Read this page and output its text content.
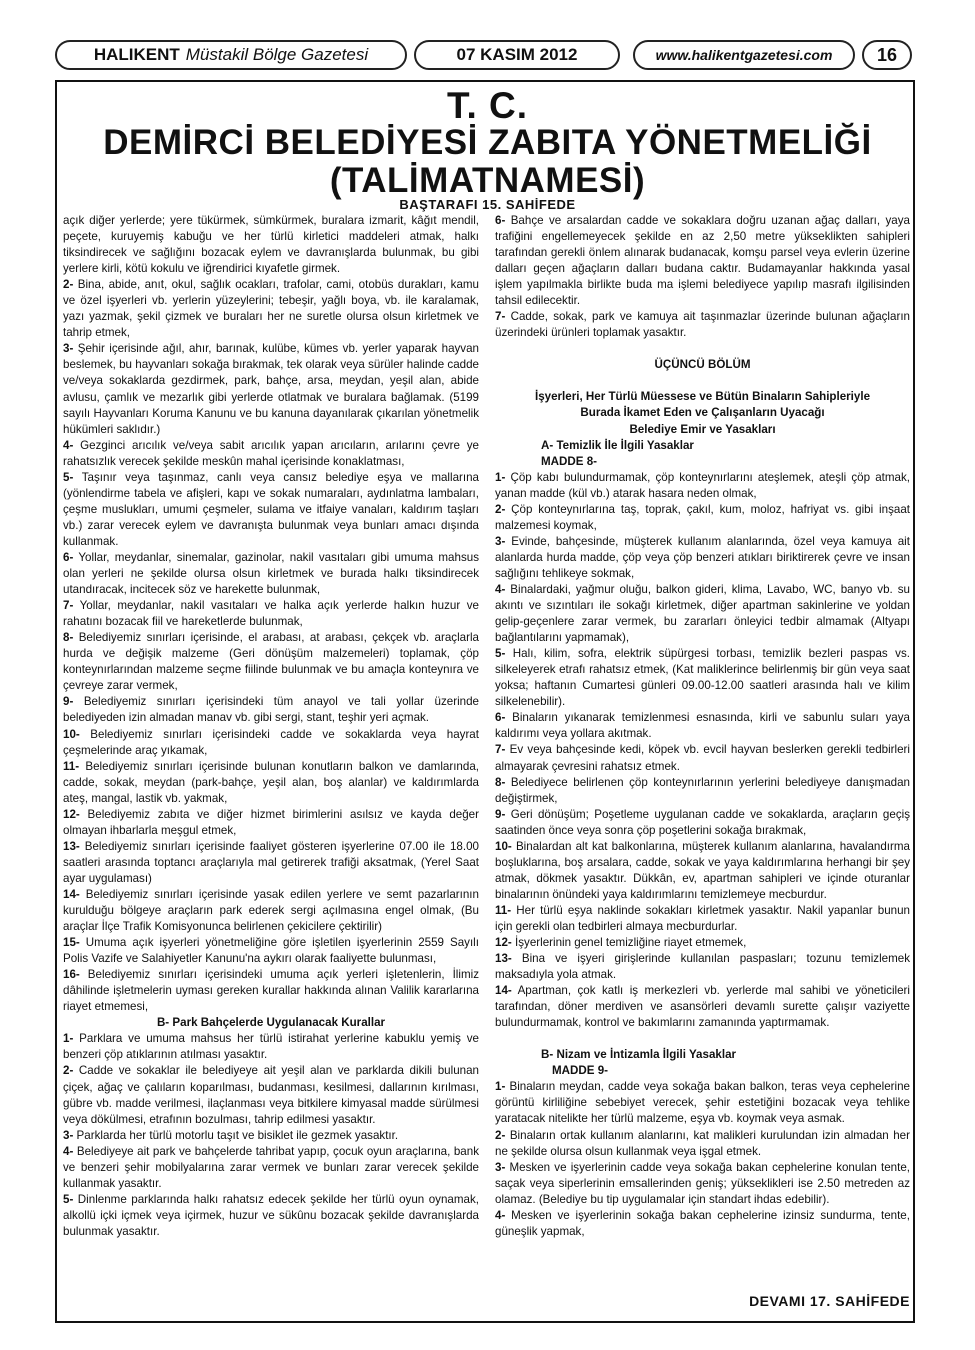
HALIKENT Müstakil Bölge Gazetesi	07 KASIM 2012	www.halikentgazetesi.com	16
T. C.
DEMİRCİ BELEDİYESİ ZABITA YÖNETMELİĞİ
(TALİMATNAMESİ)
BAŞTARAFI 15. SAHİFEDE

açık diğer yerlerde; yere tükürmek, sümkürmek, buralara izmarit, kâğıt mendil, peçete, kuruyemiş kabuğu ve her türlü kirletici maddeleri atmak, halkı tiksindirecek ve sağlığını bozacak eylem ve davranışlarda bulunmak, bu gibi yerlere kirli, kötü kokulu ve iğrendirici kıyafetle girmek.

2- Bina, abide, anıt, okul, sağlık ocakları, trafolar, cami, otobüs durakları, kamu ve özel işyerleri vb. yerlerin yüzeylerini; tebeşir, yağlı boya, vb. ile karalamak, yazı yazmak, şekil çizmek ve buraları her ne suretle olursa olsun kirletmek ve tahrip etmek,

3- Şehir içerisinde ağıl, ahır, barınak, kulübe, kümes vb. yerler yaparak hayvan beslemek, bu hayvanları sokağa bırakmak, tek olarak veya sürüler halinde cadde ve/veya sokaklarda gezdirmek, park, bahçe, arsa, meydan, yeşil alan, abide avlusu, çamlık ve mezarlık gibi yerlerde otlatmak ve buralara bağlamak. (5199 sayılı Hayvanları Koruma Kanunu ve bu kanuna dayanılarak çıkarılan yönetmelik hükümleri saklıdır.)

4- Gezginci arıcılık ve/veya sabit arıcılık yapan arıcıların, arılarını çevre ye rahatsızlık verecek şekilde meskûn mahal içerisinde konaklatması,

5- Taşınır veya taşınmaz, canlı veya cansız belediye eşya ve mallarına (yönlendirme tabela ve afişleri, kapı ve sokak numaraları, aydınlatma lambaları, çeşme muslukları, umumi çeşmeler, sulama ve itfaiye vanaları, kaldırım taşları vb.) zarar verecek eylem ve davranışta bulunmak veya bunları amacı dışında kullanmak.

6- Yollar, meydanlar, sinemalar, gazinolar, nakil vasıtaları gibi umuma mahsus olan yerleri ne şekilde olursa olsun kirletmek ve burada halkı tiksindirecek utandıracak, incitecek söz ve harekette bulunmak,

7- Yollar, meydanlar, nakil vasıtaları ve halka açık yerlerde halkın huzur ve rahatını bozacak fiil ve hareketlerde bulunmak,

8- Belediyemiz sınırları içerisinde, el arabası, at arabası, çekçek vb. araçlarla hurda ve değişik malzeme (Geri dönüşüm malzemeleri) toplamak, çöp konteynırlarından malzeme seçme fiilinde bulunmak ve bu amaçla konteynıra ve çevreye zarar vermek,

9- Belediyemiz sınırları içerisindeki tüm anayol ve tali yollar üzerinde belediyeden izin almadan manav vb. gibi sergi, stant, teşhir yeri açmak.

10- Belediyemiz sınırları içerisindeki cadde ve sokaklarda veya hayrat çeşmelerinde araç yıkamak,

11- Belediyemiz sınırları içerisinde bulunan konutların balkon ve damlarında, cadde, sokak, meydan (park-bahçe, yeşil alan, boş alanlar) ve kaldırımlarda ateş, mangal, lastik vb. yakmak,

12- Belediyemiz zabıta ve diğer hizmet birimlerini asılsız ve kayda değer olmayan ihbarlarla meşgul etmek,

13- Belediyemiz sınırları içerisinde faaliyet gösteren işyerlerine 07.00 ile 18.00 saatleri arasında toptancı araçlarıyla mal getirerek trafiği aksatmak, (Yerel Saat ayar uygulaması)

14- Belediyemiz sınırları içerisinde yasak edilen yerlere ve semt pazarlarının kurulduğu bölgeye araçların park ederek sergi açılmasına engel olmak, (Bu araçlar İlçe Trafik Komisyonunca belirlenen çekicilere çektirilir)

15- Umuma açık işyerleri yönetmeliğine göre işletilen işyerlerinin 2559 Sayılı Polis Vazife ve Salahiyetler Kanunu'na aykırı olarak faaliyette bulunması,

16- Belediyemiz sınırları içerisindeki umuma açık yerleri işletenlerin, İlimiz dâhilinde işletmelerin uyması gereken kurallar hakkında alınan Valilik kararlarına riayet etmemesi,

B- Park Bahçelerde Uygulanacak Kurallar

1- Parklara ve umuma mahsus her türlü istirahat yerlerine kabuklu yemiş ve benzeri çöp atıklarının atılması yasaktır.

2- Cadde ve sokaklar ile belediyeye ait yeşil alan ve parklarda dikili bulunan çiçek, ağaç ve çalıların koparılması, budanması, kesilmesi, dallarının kırılması, gübre vb. madde verilmesi, ilaçlanması veya bitkilere kimyasal madde sürülmesi veya dökülmesi, etrafının bozulması, tahrip edilmesi yasaktır.

3- Parklarda her türlü motorlu taşıt ve bisiklet ile gezmek yasaktır.

4- Belediyeye ait park ve bahçelerde tahribat yapıp, çocuk oyun araçlarına, bank ve benzeri şehir mobilyalarına zarar vermek ve bunları zarar verecek şekilde kullanmak yasaktır.

5- Dinlenme parklarında halkı rahatsız edecek şekilde her türlü oyun oynamak, alkollü içki içmek veya içirmek, huzur ve sükûnu bozacak şekilde davranışlarda bulunmak yasaktır.

6- Bahçe ve arsalardan cadde ve sokaklara doğru uzanan ağaç dalları, yaya trafiğini engellemeyecek şekilde en az 2,50 metre yükseklikten sahipleri tarafından gerekli önlem alınarak budanacak, komşu parsel veya evlerin üzerine dalları geçen ağaçların dalları budana caktır. Budamayanlar hakkında yasal işlem yapılmakla birlikte buda ma işlemi belediyece yapılıp masrafı ilgilisinden tahsil edilecektir.

7- Cadde, sokak, park ve kamuya ait taşınmazlar üzerinde bulunan ağaçların üzerindeki ürünleri toplamak yasaktır.

ÜÇÜNCÜ BÖLÜM

İşyerleri, Her Türlü Müessese ve Bütün Binaların Sahipleriyle

Burada İkamet Eden ve Çalışanların Uyacağı

Belediye Emir ve Yasakları

A- Temizlik İle İlgili Yasaklar

MADDE 8-

1- Çöp kabı bulundurmamak, çöp konteynırlarını ateşlemek, ateşli çöp atmak, yanan madde (kül vb.) atarak hasara neden olmak,

2- Çöp konteynırlarına taş, toprak, çakıl, kum, moloz, hafriyat vs. gibi inşaat malzemesi koymak,

3- Evinde, bahçesinde, müşterek kullanım alanlarında, özel veya kamuya ait alanlarda hurda madde, çöp veya çöp benzeri atıkları biriktirerek çevre ve insan sağlığını tehlikeye sokmak,

4- Binalardaki, yağmur oluğu, balkon gideri, klima, Lavabo, WC, banyo vb. su akıntı ve sızıntıları ile sokağı kirletmek, diğer apartman sakinlerine ve yoldan gelip-geçenlere zarar vermek, bu zararları önleyici tedbir almamak (Altyapı bağlantılarını yapmamak),

5- Halı, kilim, sofra, elektrik süpürgesi torbası, temizlik bezleri paspas vs. silkeleyerek etrafı rahatsız etmek, (Kat maliklerince belirlenmiş bir gün veya saat yoksa; haftanın Cumartesi günleri 09.00-12.00 saatleri arasında halı ve kilim silkelenebilir).

6- Binaların yıkanarak temizlenmesi esnasında, kirli ve sabunlu suları yaya kaldırımı veya yollara akıtmak.

7- Ev veya bahçesinde kedi, köpek vb. evcil hayvan beslerken gerekli tedbirleri almayarak çevresini rahatsız etmek.

8- Belediyece belirlenen çöp konteynırlarının yerlerini belediyeye danışmadan değiştirmek,

9- Geri dönüşüm; Poşetleme uygulanan cadde ve sokaklarda, araçların geçiş saatinden önce veya sonra çöp poşetlerini sokağa bırakmak,

10- Binalardan alt kat balkonlarına, müşterek kullanım alanlarına, havalandırma boşluklarına, boş arsalara, cadde, sokak ve yaya kaldırımlarına herhangi bir şey atmak, dökmek yasaktır. Dükkân, ev, apartman sahipleri ve içinde oturanlar binalarının önündeki yaya kaldırımlarını temizlemeye mecburdur.

11- Her türlü eşya naklinde sokakları kirletmek yasaktır. Nakil yapanlar bunun için gerekli olan tedbirleri almaya mecburdurlar.

12- İşyerlerinin genel temizliğine riayet etmemek,

13- Bina ve işyeri girişlerinde kullanılan paspasları; tozunu temizlemek maksadıyla yola atmak.

14- Apartman, çok katlı iş merkezleri vb. yerlerde mal sahibi ve yöneticileri tarafından, döner merdiven ve asansörleri devamlı surette çalışır vaziyette bulundurmamak, kontrol ve bakımlarını zamanında yaptırmamak.

B- Nizam ve İntizamla İlgili Yasaklar

MADDE 9-

1- Binaların meydan, cadde veya sokağa bakan balkon, teras veya cephelerine görüntü kirliliğine sebebiyet verecek, şehir estetiğini bozacak veya tehlike yaratacak nitelikte her türlü malzeme, eşya vb. koymak veya asmak.

2- Binaların ortak kullanım alanlarını, kat malikleri kurulundan izin almadan her ne şekilde olursa olsun kullanmak veya işgal etmek.

3- Mesken ve işyerlerinin cadde veya sokağa bakan cephelerine konulan tente, saçak veya siperlerinin emsallerinden geniş; yükseklikleri ise 2.50 metreden az olamaz. (Belediye bu tip uygulamalar için standart ihdas edebilir).

4- Mesken ve işyerlerinin sokağa bakan cephelerine izinsiz sundurma, tente, güneşlik yapmak,

DEVAMI 17. SAHİFEDE
